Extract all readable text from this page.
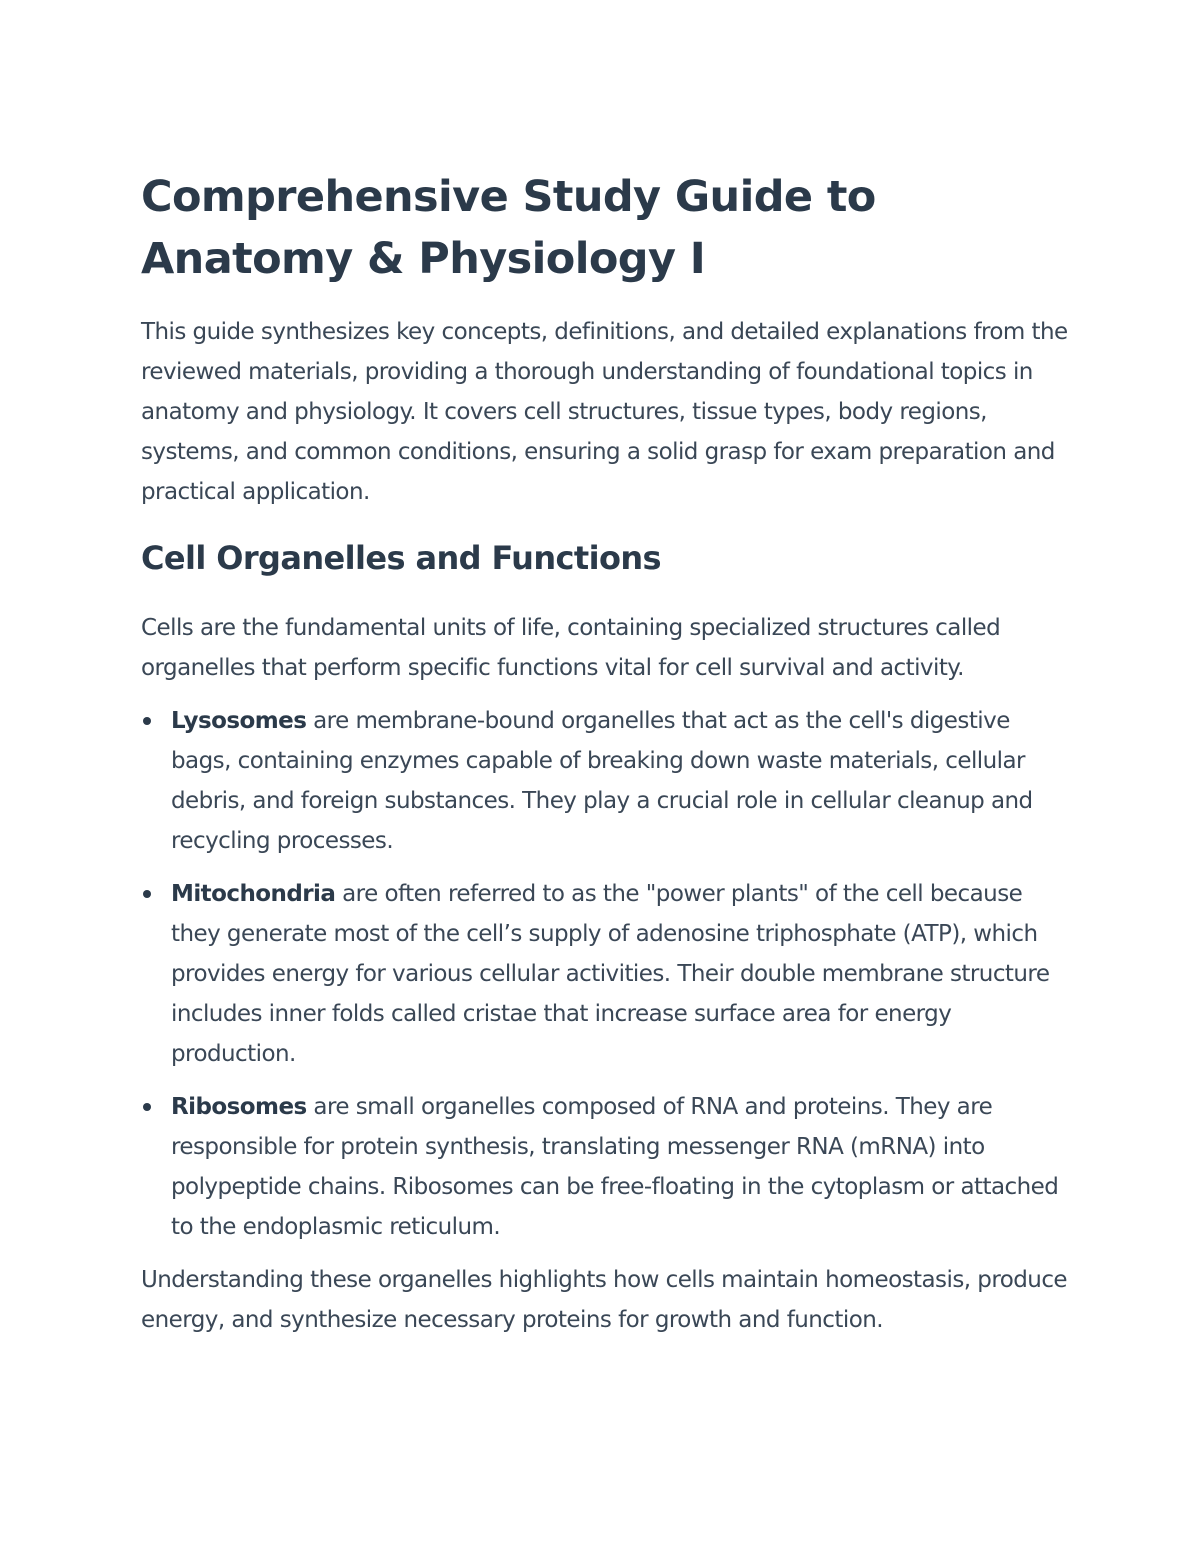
Comprehensive Study Guide to Anatomy & Physiology I

This guide synthesizes key concepts, definitions, and detailed explanations from the reviewed materials, providing a thorough understanding of foundational topics in anatomy and physiology. It covers cell structures, tissue types, body regions, systems, and common conditions, ensuring a solid grasp for exam preparation and practical application.

Cell Organelles and Functions

Cells are the fundamental units of life, containing specialized structures called organelles that perform specific functions vital for cell survival and activity.

Lysosomes are membrane-bound organelles that act as the cell's digestive bags, containing enzymes capable of breaking down waste materials, cellular debris, and foreign substances. They play a crucial role in cellular cleanup and recycling processes.
Mitochondria are often referred to as the "power plants" of the cell because they generate most of the cell’s supply of adenosine triphosphate (ATP), which provides energy for various cellular activities. Their double membrane structure includes inner folds called cristae that increase surface area for energy production.
Ribosomes are small organelles composed of RNA and proteins. They are responsible for protein synthesis, translating messenger RNA (mRNA) into polypeptide chains. Ribosomes can be free-floating in the cytoplasm or attached to the endoplasmic reticulum.

Understanding these organelles highlights how cells maintain homeostasis, produce energy, and synthesize necessary proteins for growth and function.
